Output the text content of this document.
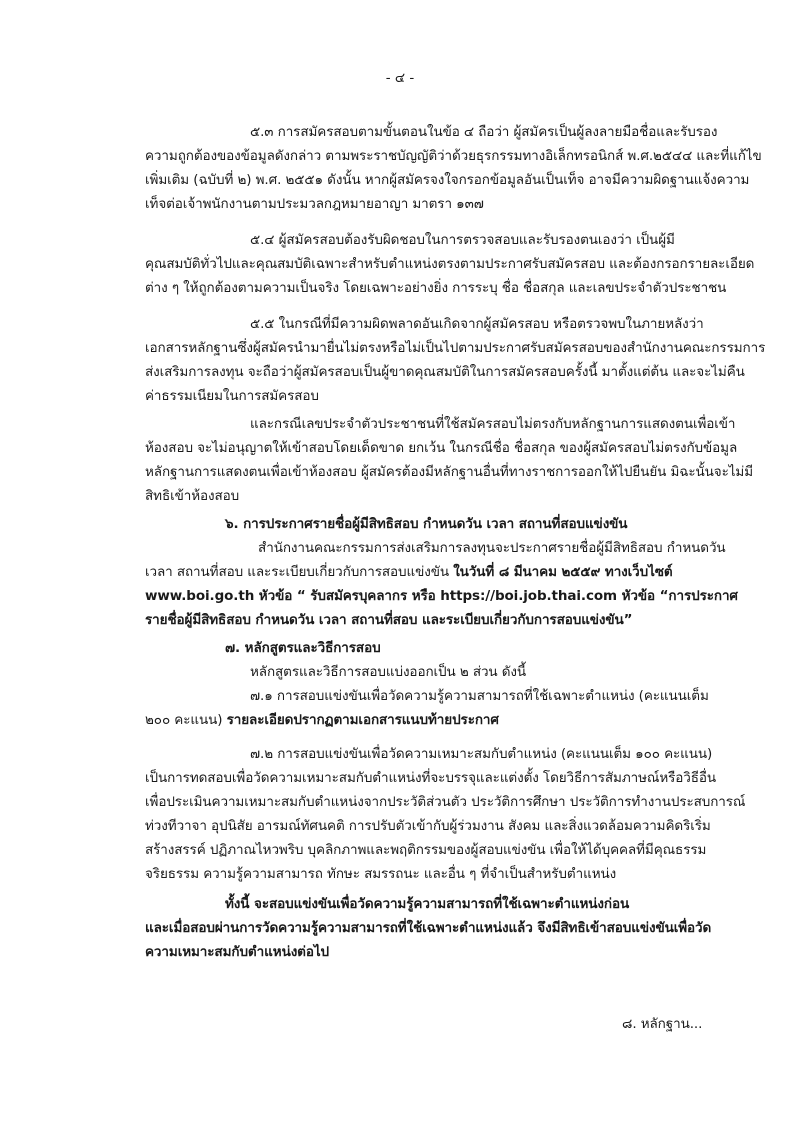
- ๔ -
๕.๓ การสมัครสอบตามขั้นตอนในข้อ ๔ ถือว่า ผู้สมัครเป็นผู้ลงลายมือชื่อและรับรอง
ความถูกต้องของข้อมูลดังกล่าว ตามพระราชบัญญัติว่าด้วยธุรกรรมทางอิเล็กทรอนิกส์ พ.ศ.๒๕๔๔ และที่แก้ไข
เพิ่มเติม (ฉบับที่ ๒) พ.ศ. ๒๕๕๑ ดังนั้น หากผู้สมัครจงใจกรอกข้อมูลอันเป็นเท็จ อาจมีความผิดฐานแจ้งความ
เท็จต่อเจ้าพนักงานตามประมวลกฎหมายอาญา มาตรา ๑๓๗
๕.๔ ผู้สมัครสอบต้องรับผิดชอบในการตรวจสอบและรับรองตนเองว่า เป็นผู้มี
คุณสมบัติทั่วไปและคุณสมบัติเฉพาะสำหรับตำแหน่งตรงตามประกาศรับสมัครสอบ และต้องกรอกรายละเอียด
ต่าง ๆ ให้ถูกต้องตามความเป็นจริง โดยเฉพาะอย่างยิ่ง การระบุ ชื่อ ชื่อสกุล และเลขประจำตัวประชาชน
๕.๕ ในกรณีที่มีความผิดพลาดอันเกิดจากผู้สมัครสอบ หรือตรวจพบในภายหลังว่า
เอกสารหลักฐานซึ่งผู้สมัครนำมายื่นไม่ตรงหรือไม่เป็นไปตามประกาศรับสมัครสอบของสำนักงานคณะกรรมการ
ส่งเสริมการลงทุน จะถือว่าผู้สมัครสอบเป็นผู้ขาดคุณสมบัติในการสมัครสอบครั้งนี้ มาตั้งแต่ต้น และจะไม่คืน
ค่าธรรมเนียมในการสมัครสอบ
และกรณีเลขประจำตัวประชาชนที่ใช้สมัครสอบไม่ตรงกับหลักฐานการแสดงตนเพื่อเข้า
ห้องสอบ จะไม่อนุญาตให้เข้าสอบโดยเด็ดขาด ยกเว้น ในกรณีชื่อ ชื่อสกุล ของผู้สมัครสอบไม่ตรงกับข้อมูล
หลักฐานการแสดงตนเพื่อเข้าห้องสอบ ผู้สมัครต้องมีหลักฐานอื่นที่ทางราชการออกให้ไปยืนยัน มิฉะนั้นจะไม่มี
สิทธิเข้าห้องสอบ
๖. การประกาศรายชื่อผู้มีสิทธิสอบ กำหนดวัน เวลา สถานที่สอบแข่งขัน
สำนักงานคณะกรรมการส่งเสริมการลงทุนจะประกาศรายชื่อผู้มีสิทธิสอบ กำหนดวัน
เวลา สถานที่สอบ และระเบียบเกี่ยวกับการสอบแข่งขัน ในวันที่ ๘ มีนาคม ๒๕๕๙ ทางเว็บไซต์
www.boi.go.th หัวข้อ “ รับสมัครบุคลากร หรือ https://boi.job.thai.com หัวข้อ “การประกาศ
รายชื่อผู้มีสิทธิสอบ กำหนดวัน เวลา สถานที่สอบ และระเบียบเกี่ยวกับการสอบแข่งขัน”
๗. หลักสูตรและวิธีการสอบ
หลักสูตรและวิธีการสอบแบ่งออกเป็น ๒ ส่วน ดังนี้
๗.๑ การสอบแข่งขันเพื่อวัดความรู้ความสามารถที่ใช้เฉพาะตำแหน่ง (คะแนนเต็ม
๒๐๐ คะแนน) รายละเอียดปรากฏตามเอกสารแนบท้ายประกาศ
๗.๒ การสอบแข่งขันเพื่อวัดความเหมาะสมกับตำแหน่ง (คะแนนเต็ม ๑๐๐ คะแนน)
เป็นการทดสอบเพื่อวัดความเหมาะสมกับตำแหน่งที่จะบรรจุและแต่งตั้ง โดยวิธีการสัมภาษณ์หรือวิธีอื่น
เพื่อประเมินความเหมาะสมกับตำแหน่งจากประวัติส่วนตัว ประวัติการศึกษา ประวัติการทำงานประสบการณ์
ท่วงทีวาจา อุปนิสัย อารมณ์ทัศนคติ การปรับตัวเข้ากับผู้ร่วมงาน สังคม และสิ่งแวดล้อมความคิดริเริ่ม
สร้างสรรค์ ปฏิภาณไหวพริบ บุคลิกภาพและพฤติกรรมของผู้สอบแข่งขัน เพื่อให้ได้บุคคลที่มีคุณธรรม
จริยธรรม ความรู้ความสามารถ ทักษะ สมรรถนะ และอื่น ๆ ที่จำเป็นสำหรับตำแหน่ง
ทั้งนี้ จะสอบแข่งขันเพื่อวัดความรู้ความสามารถที่ใช้เฉพาะตำแหน่งก่อน
และเมื่อสอบผ่านการวัดความรู้ความสามารถที่ใช้เฉพาะตำแหน่งแล้ว จึงมีสิทธิเข้าสอบแข่งขันเพื่อวัด
ความเหมาะสมกับตำแหน่งต่อไป
๘. หลักฐาน...
